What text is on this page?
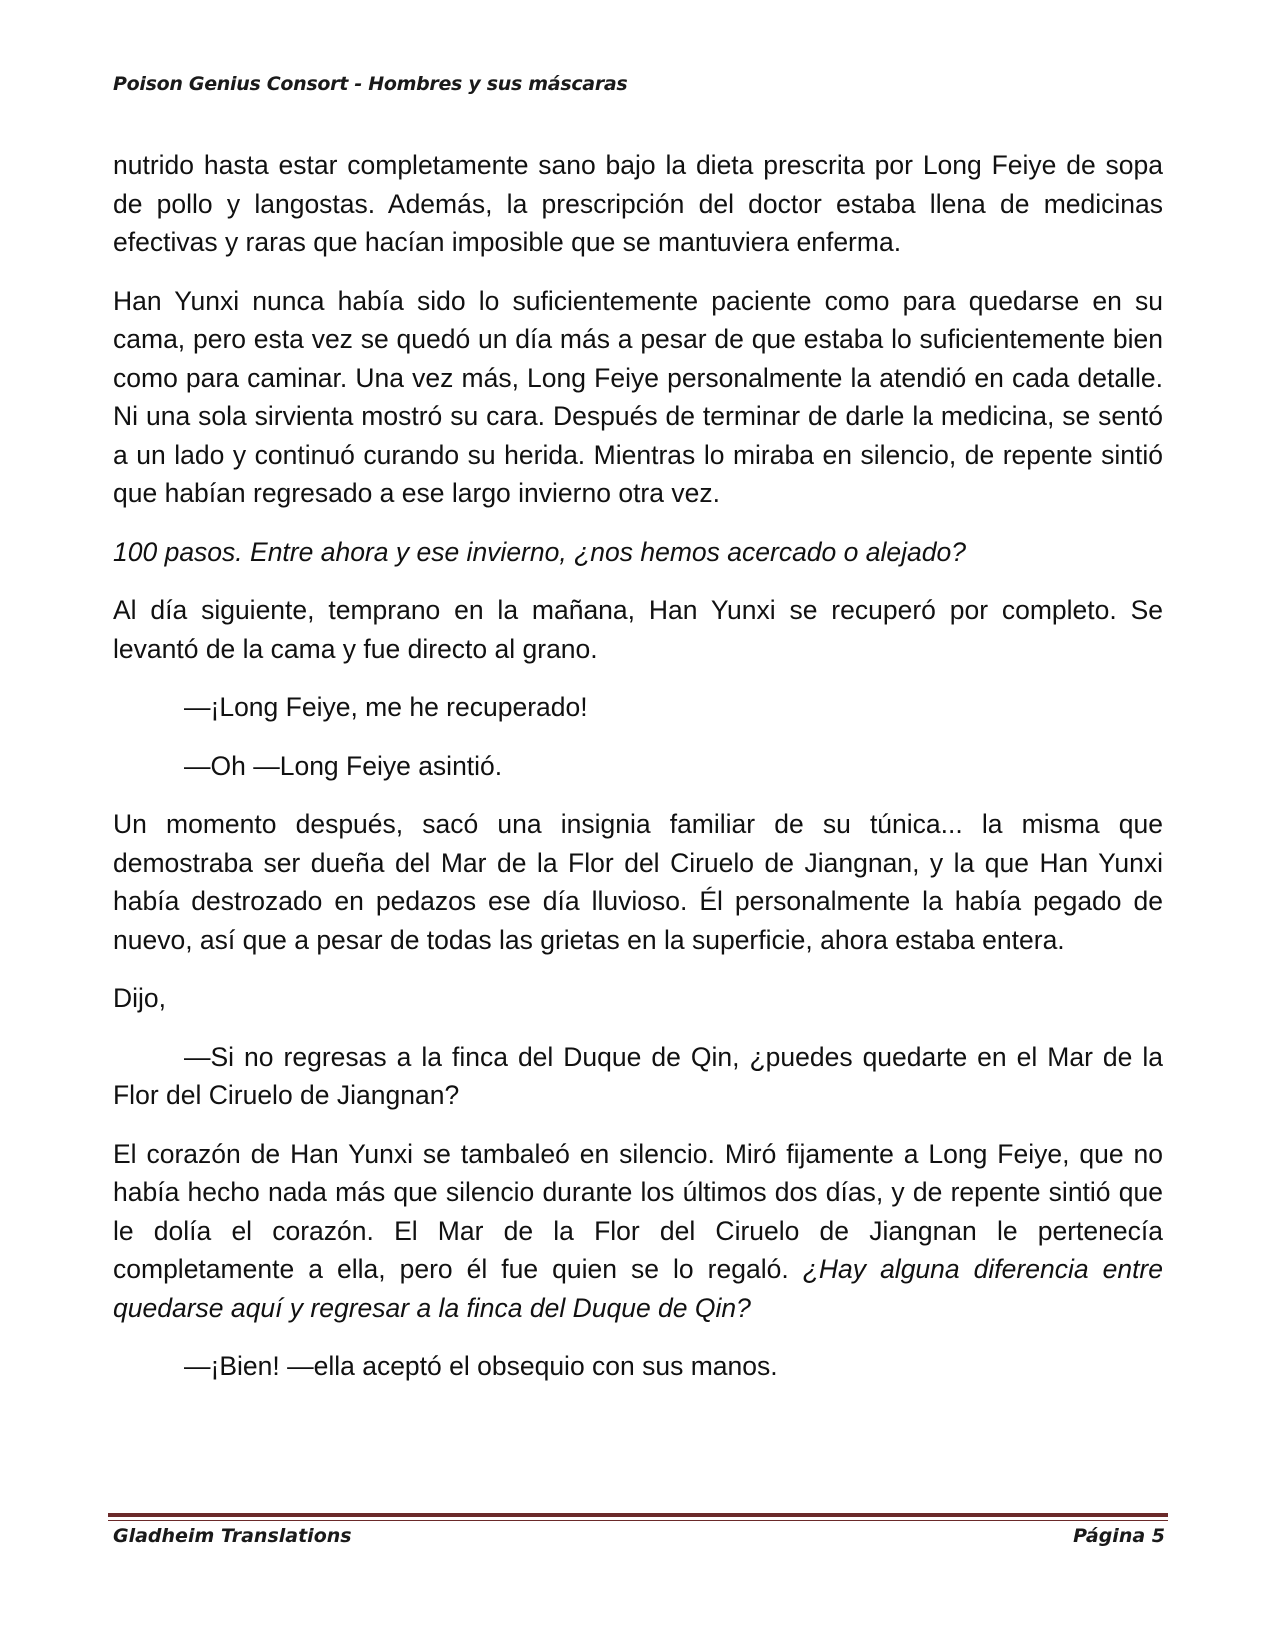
Poison Genius Consort - Hombres y sus máscaras

nutrido hasta estar completamente sano bajo la dieta prescrita por Long Feiye de sopa de pollo y langostas. Además, la prescripción del doctor estaba llena de medicinas efectivas y raras que hacían imposible que se mantuviera enferma.

Han Yunxi nunca había sido lo suficientemente paciente como para quedarse en su cama, pero esta vez se quedó un día más a pesar de que estaba lo suficientemente bien como para caminar. Una vez más, Long Feiye personalmente la atendió en cada detalle. Ni una sola sirvienta mostró su cara. Después de terminar de darle la medicina, se sentó a un lado y continuó curando su herida. Mientras lo miraba en silencio, de repente sintió que habían regresado a ese largo invierno otra vez.

100 pasos. Entre ahora y ese invierno, ¿nos hemos acercado o alejado?

Al día siguiente, temprano en la mañana, Han Yunxi se recuperó por completo. Se levantó de la cama y fue directo al grano.

—¡Long Feiye, me he recuperado!

—Oh —Long Feiye asintió.

Un momento después, sacó una insignia familiar de su túnica... la misma que demostraba ser dueña del Mar de la Flor del Ciruelo de Jiangnan, y la que Han Yunxi había destrozado en pedazos ese día lluvioso. Él personalmente la había pegado de nuevo, así que a pesar de todas las grietas en la superficie, ahora estaba entera.

Dijo,

—Si no regresas a la finca del Duque de Qin, ¿puedes quedarte en el Mar de la Flor del Ciruelo de Jiangnan?

El corazón de Han Yunxi se tambaleó en silencio. Miró fijamente a Long Feiye, que no había hecho nada más que silencio durante los últimos dos días, y de repente sintió que le dolía el corazón. El Mar de la Flor del Ciruelo de Jiangnan le pertenecía completamente a ella, pero él fue quien se lo regaló. ¿Hay alguna diferencia entre quedarse aquí y regresar a la finca del Duque de Qin?

—¡Bien! —ella aceptó el obsequio con sus manos.

Gladheim Translations	Página 5
